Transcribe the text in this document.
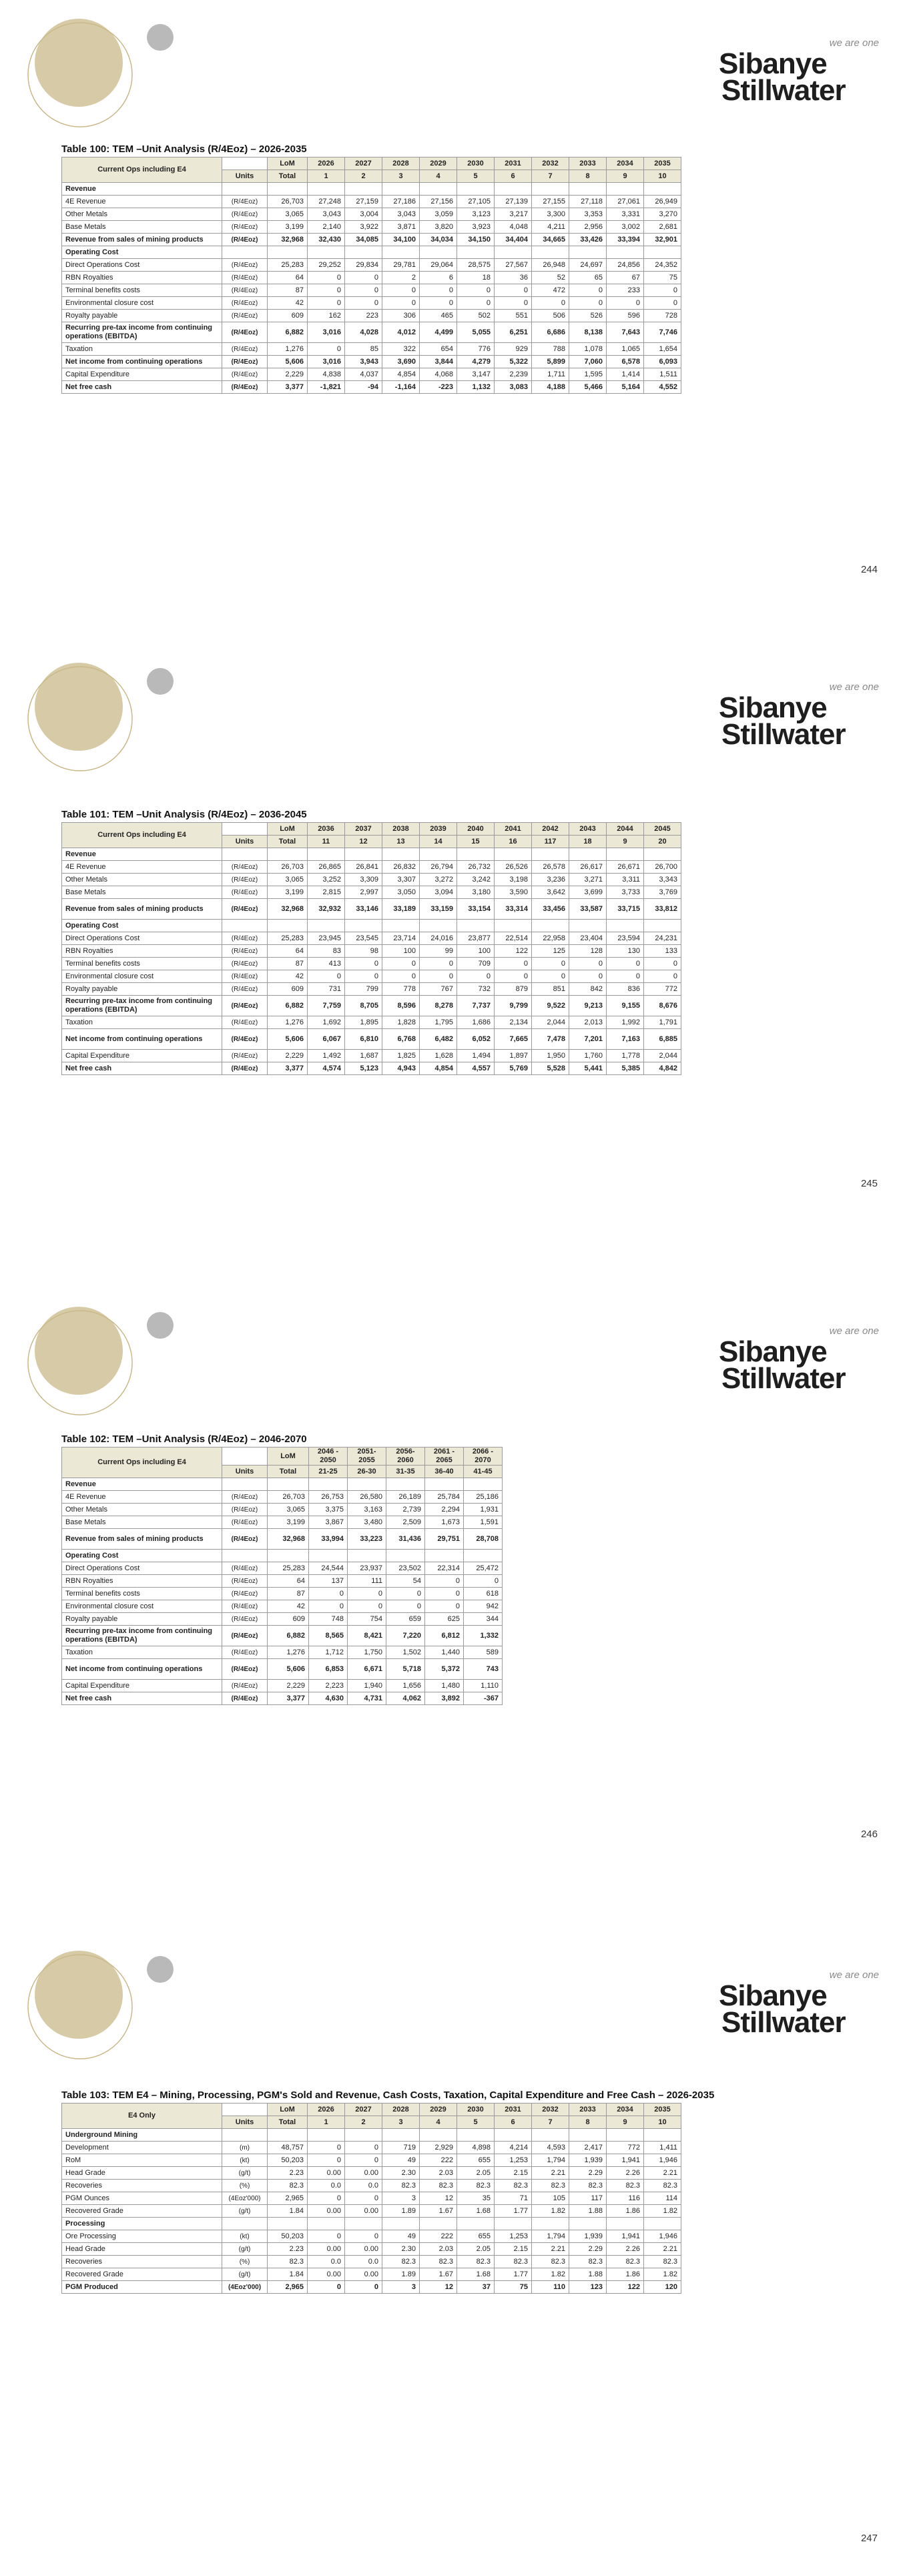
we are one
Sibanye
Stillwater
Table 100: TEM –Unit Analysis (R/4Eoz) – 2026-2035
Current Ops including E4		LoM	2026	2027	2028	2029	2030	2031	2032	2033	2034	2035
	Units	Total	1	2	3	4	5	6	7	8	9	10
Revenue												
4E Revenue	(R/4Eoz)	26,703	27,248	27,159	27,186	27,156	27,105	27,139	27,155	27,118	27,061	26,949
Other Metals	(R/4Eoz)	3,065	3,043	3,004	3,043	3,059	3,123	3,217	3,300	3,353	3,331	3,270
Base Metals	(R/4Eoz)	3,199	2,140	3,922	3,871	3,820	3,923	4,048	4,211	2,956	3,002	2,681
Revenue from sales of mining products	(R/4Eoz)	32,968	32,430	34,085	34,100	34,034	34,150	34,404	34,665	33,426	33,394	32,901
Operating Cost												
Direct Operations Cost	(R/4Eoz)	25,283	29,252	29,834	29,781	29,064	28,575	27,567	26,948	24,697	24,856	24,352
RBN Royalties	(R/4Eoz)	64	0	0	2	6	18	36	52	65	67	75
Terminal benefits costs	(R/4Eoz)	87	0	0	0	0	0	0	472	0	233	0
Environmental closure cost	(R/4Eoz)	42	0	0	0	0	0	0	0	0	0	0
Royalty payable	(R/4Eoz)	609	162	223	306	465	502	551	506	526	596	728
Recurring pre-tax income from continuing operations (EBITDA)	(R/4Eoz)	6,882	3,016	4,028	4,012	4,499	5,055	6,251	6,686	8,138	7,643	7,746
Taxation	(R/4Eoz)	1,276	0	85	322	654	776	929	788	1,078	1,065	1,654
Net income from continuing operations	(R/4Eoz)	5,606	3,016	3,943	3,690	3,844	4,279	5,322	5,899	7,060	6,578	6,093
Capital Expenditure	(R/4Eoz)	2,229	4,838	4,037	4,854	4,068	3,147	2,239	1,711	1,595	1,414	1,511
Net free cash	(R/4Eoz)	3,377	-1,821	-94	-1,164	-223	1,132	3,083	4,188	5,466	5,164	4,552
244
we are one
Sibanye
Stillwater
Table 101: TEM –Unit Analysis (R/4Eoz) – 2036-2045
Current Ops including E4		LoM	2036	2037	2038	2039	2040	2041	2042	2043	2044	2045
	Units	Total	11	12	13	14	15	16	117	18	9	20
Revenue												
4E Revenue	(R/4Eoz)	26,703	26,865	26,841	26,832	26,794	26,732	26,526	26,578	26,617	26,671	26,700
Other Metals	(R/4Eoz)	3,065	3,252	3,309	3,307	3,272	3,242	3,198	3,236	3,271	3,311	3,343
Base Metals	(R/4Eoz)	3,199	2,815	2,997	3,050	3,094	3,180	3,590	3,642	3,699	3,733	3,769
Revenue from sales of mining products	(R/4Eoz)	32,968	32,932	33,146	33,189	33,159	33,154	33,314	33,456	33,587	33,715	33,812
Operating Cost												
Direct Operations Cost	(R/4Eoz)	25,283	23,945	23,545	23,714	24,016	23,877	22,514	22,958	23,404	23,594	24,231
RBN Royalties	(R/4Eoz)	64	83	98	100	99	100	122	125	128	130	133
Terminal benefits costs	(R/4Eoz)	87	413	0	0	0	709	0	0	0	0	0
Environmental closure cost	(R/4Eoz)	42	0	0	0	0	0	0	0	0	0	0
Royalty payable	(R/4Eoz)	609	731	799	778	767	732	879	851	842	836	772
Recurring pre-tax income from continuing operations (EBITDA)	(R/4Eoz)	6,882	7,759	8,705	8,596	8,278	7,737	9,799	9,522	9,213	9,155	8,676
Taxation	(R/4Eoz)	1,276	1,692	1,895	1,828	1,795	1,686	2,134	2,044	2,013	1,992	1,791
Net income from continuing operations	(R/4Eoz)	5,606	6,067	6,810	6,768	6,482	6,052	7,665	7,478	7,201	7,163	6,885
Capital Expenditure	(R/4Eoz)	2,229	1,492	1,687	1,825	1,628	1,494	1,897	1,950	1,760	1,778	2,044
Net free cash	(R/4Eoz)	3,377	4,574	5,123	4,943	4,854	4,557	5,769	5,528	5,441	5,385	4,842
245
we are one
Sibanye
Stillwater
Table 102: TEM –Unit Analysis (R/4Eoz) – 2046-2070
Current Ops including E4		LoM	2046 - 2050	2051- 2055	2056- 2060	2061 - 2065	2066 - 2070
	Units	Total	21-25	26-30	31-35	36-40	41-45
Revenue							
4E Revenue	(R/4Eoz)	26,703	26,753	26,580	26,189	25,784	25,186
Other Metals	(R/4Eoz)	3,065	3,375	3,163	2,739	2,294	1,931
Base Metals	(R/4Eoz)	3,199	3,867	3,480	2,509	1,673	1,591
Revenue from sales of mining products	(R/4Eoz)	32,968	33,994	33,223	31,436	29,751	28,708
Operating Cost							
Direct Operations Cost	(R/4Eoz)	25,283	24,544	23,937	23,502	22,314	25,472
RBN Royalties	(R/4Eoz)	64	137	111	54	0	0
Terminal benefits costs	(R/4Eoz)	87	0	0	0	0	618
Environmental closure cost	(R/4Eoz)	42	0	0	0	0	942
Royalty payable	(R/4Eoz)	609	748	754	659	625	344
Recurring pre-tax income from continuing operations (EBITDA)	(R/4Eoz)	6,882	8,565	8,421	7,220	6,812	1,332
Taxation	(R/4Eoz)	1,276	1,712	1,750	1,502	1,440	589
Net income from continuing operations	(R/4Eoz)	5,606	6,853	6,671	5,718	5,372	743
Capital Expenditure	(R/4Eoz)	2,229	2,223	1,940	1,656	1,480	1,110
Net free cash	(R/4Eoz)	3,377	4,630	4,731	4,062	3,892	-367
246
we are one
Sibanye
Stillwater
Table 103: TEM E4 – Mining, Processing, PGM's Sold and Revenue, Cash Costs, Taxation, Capital Expenditure and Free Cash – 2026-2035
E4 Only		LoM	2026	2027	2028	2029	2030	2031	2032	2033	2034	2035
	Units	Total	1	2	3	4	5	6	7	8	9	10
Underground Mining												
Development	(m)	48,757	0	0	719	2,929	4,898	4,214	4,593	2,417	772	1,411
RoM	(kt)	50,203	0	0	49	222	655	1,253	1,794	1,939	1,941	1,946
Head Grade	(g/t)	2.23	0.00	0.00	2.30	2.03	2.05	2.15	2.21	2.29	2.26	2.21
Recoveries	(%)	82.3	0.0	0.0	82.3	82.3	82.3	82.3	82.3	82.3	82.3	82.3
PGM Ounces	(4Eoz'000)	2,965	0	0	3	12	35	71	105	117	116	114
Recovered Grade	(g/t)	1.84	0.00	0.00	1.89	1.67	1.68	1.77	1.82	1.88	1.86	1.82
Processing												
Ore Processing	(kt)	50,203	0	0	49	222	655	1,253	1,794	1,939	1,941	1,946
Head Grade	(g/t)	2.23	0.00	0.00	2.30	2.03	2.05	2.15	2.21	2.29	2.26	2.21
Recoveries	(%)	82.3	0.0	0.0	82.3	82.3	82.3	82.3	82.3	82.3	82.3	82.3
Recovered Grade	(g/t)	1.84	0.00	0.00	1.89	1.67	1.68	1.77	1.82	1.88	1.86	1.82
PGM Produced	(4Eoz'000)	2,965	0	0	3	12	37	75	110	123	122	120
247
